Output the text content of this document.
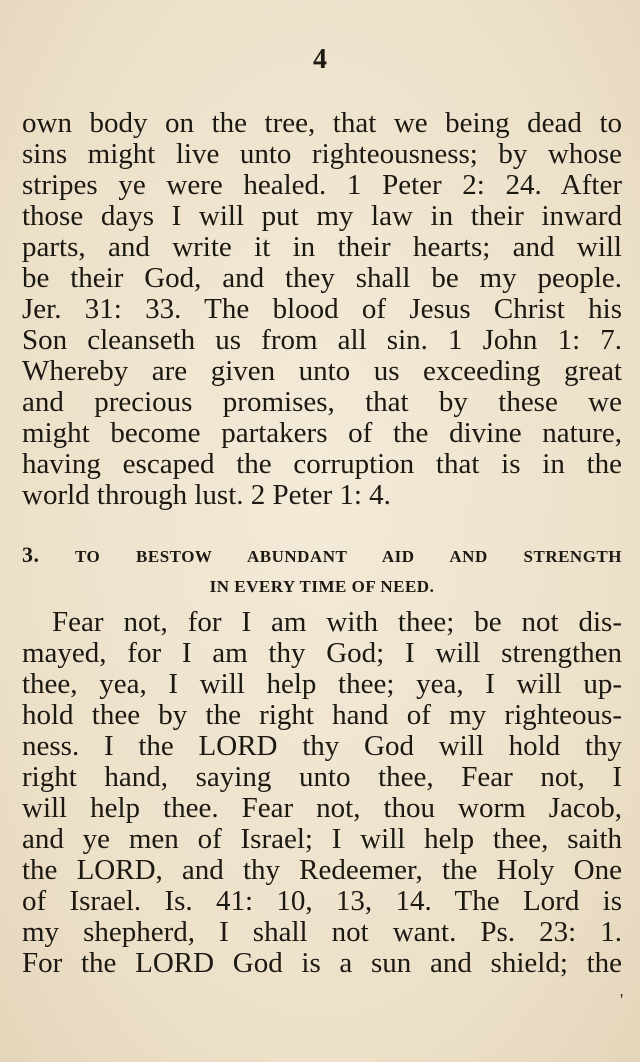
4
own body on the tree, that we being dead to
sins might live unto righteousness; by whose
stripes ye were healed. 1 Peter 2: 24. After
those days I will put my law in their inward
parts, and write it in their hearts; and will
be their God, and they shall be my people.
Jer. 31: 33. The blood of Jesus Christ his
Son cleanseth us from all sin. 1 John 1: 7.
Whereby are given unto us exceeding great
and precious promises, that by these we
might become partakers of the divine nature,
having escaped the corruption that is in the
world through lust. 2 Peter 1: 4.
3. TO BESTOW ABUNDANT AID AND STRENGTH
IN EVERY TIME OF NEED.
Fear not, for I am with thee; be not dis-
mayed, for I am thy God; I will strengthen
thee, yea, I will help thee; yea, I will up-
hold thee by the right hand of my righteous-
ness. I the LORD thy God will hold thy
right hand, saying unto thee, Fear not, I
will help thee. Fear not, thou worm Jacob,
and ye men of Israel; I will help thee, saith
the LORD, and thy Redeemer, the Holy One
of Israel. Is. 41: 10, 13, 14. The Lord is
my shepherd, I shall not want. Ps. 23: 1.
For the LORD God is a sun and shield; the
'
